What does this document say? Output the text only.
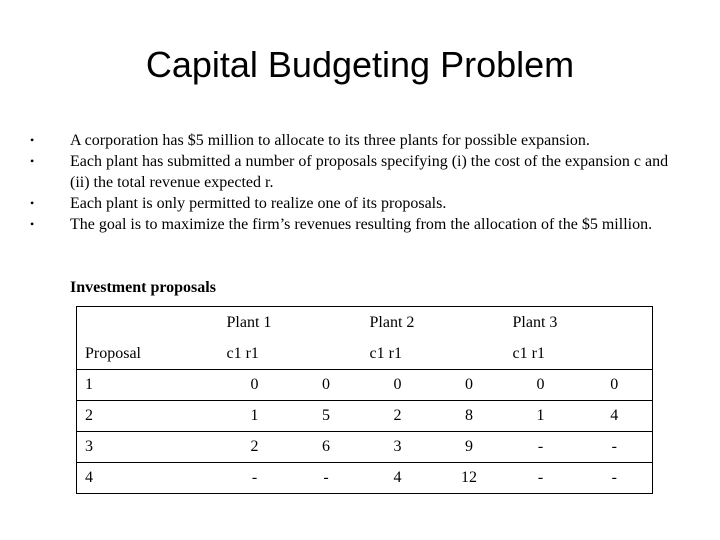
Capital Budgeting Problem
• A corporation has $5 million to allocate to its three plants for possible expansion.
• Each plant has submitted a number of proposals specifying (i) the cost of the expansion c and (ii) the total revenue expected r.
• Each plant is only permitted to realize one of its proposals.
• The goal is to maximize the firm’s revenues resulting from the allocation of the $5 million.
Investment proposals
	Plant 1		Plant 2		Plant 3	
Proposal	c1 r1		c1 r1		c1 r1	
1	0	0	0	0	0	0
2	1	5	2	8	1	4
3	2	6	3	9	-	-
4	-	-	4	12	-	-
